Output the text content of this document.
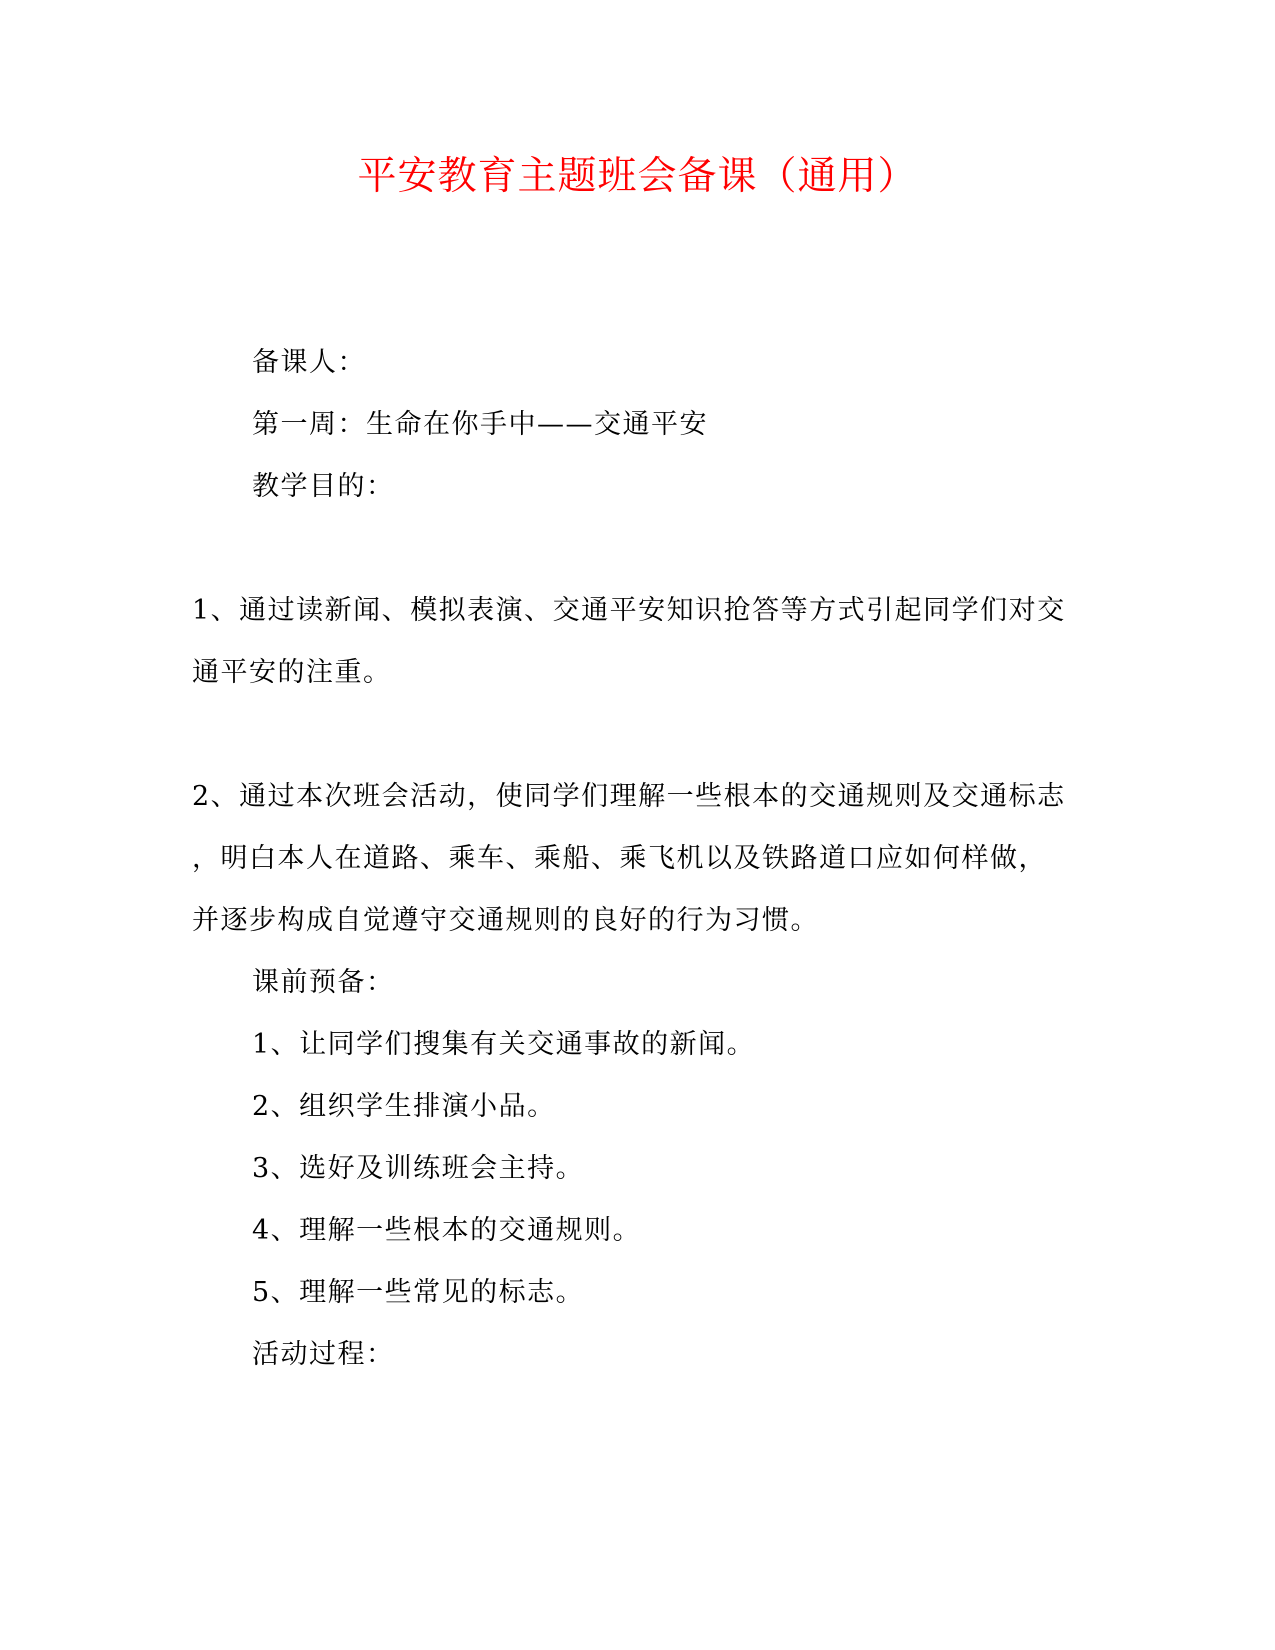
平安教育主题班会备课（通用）
备课人：
第一周：生命在你手中——交通平安
教学目的：
1、通过读新闻、模拟表演、交通平安知识抢答等方式引起同学们对交
通平安的注重。
2、通过本次班会活动，使同学们理解一些根本的交通规则及交通标志
，明白本人在道路、乘车、乘船、乘飞机以及铁路道口应如何样做，
并逐步构成自觉遵守交通规则的良好的行为习惯。
课前预备：
1、让同学们搜集有关交通事故的新闻。
2、组织学生排演小品。
3、选好及训练班会主持。
4、理解一些根本的交通规则。
5、理解一些常见的标志。
活动过程：
